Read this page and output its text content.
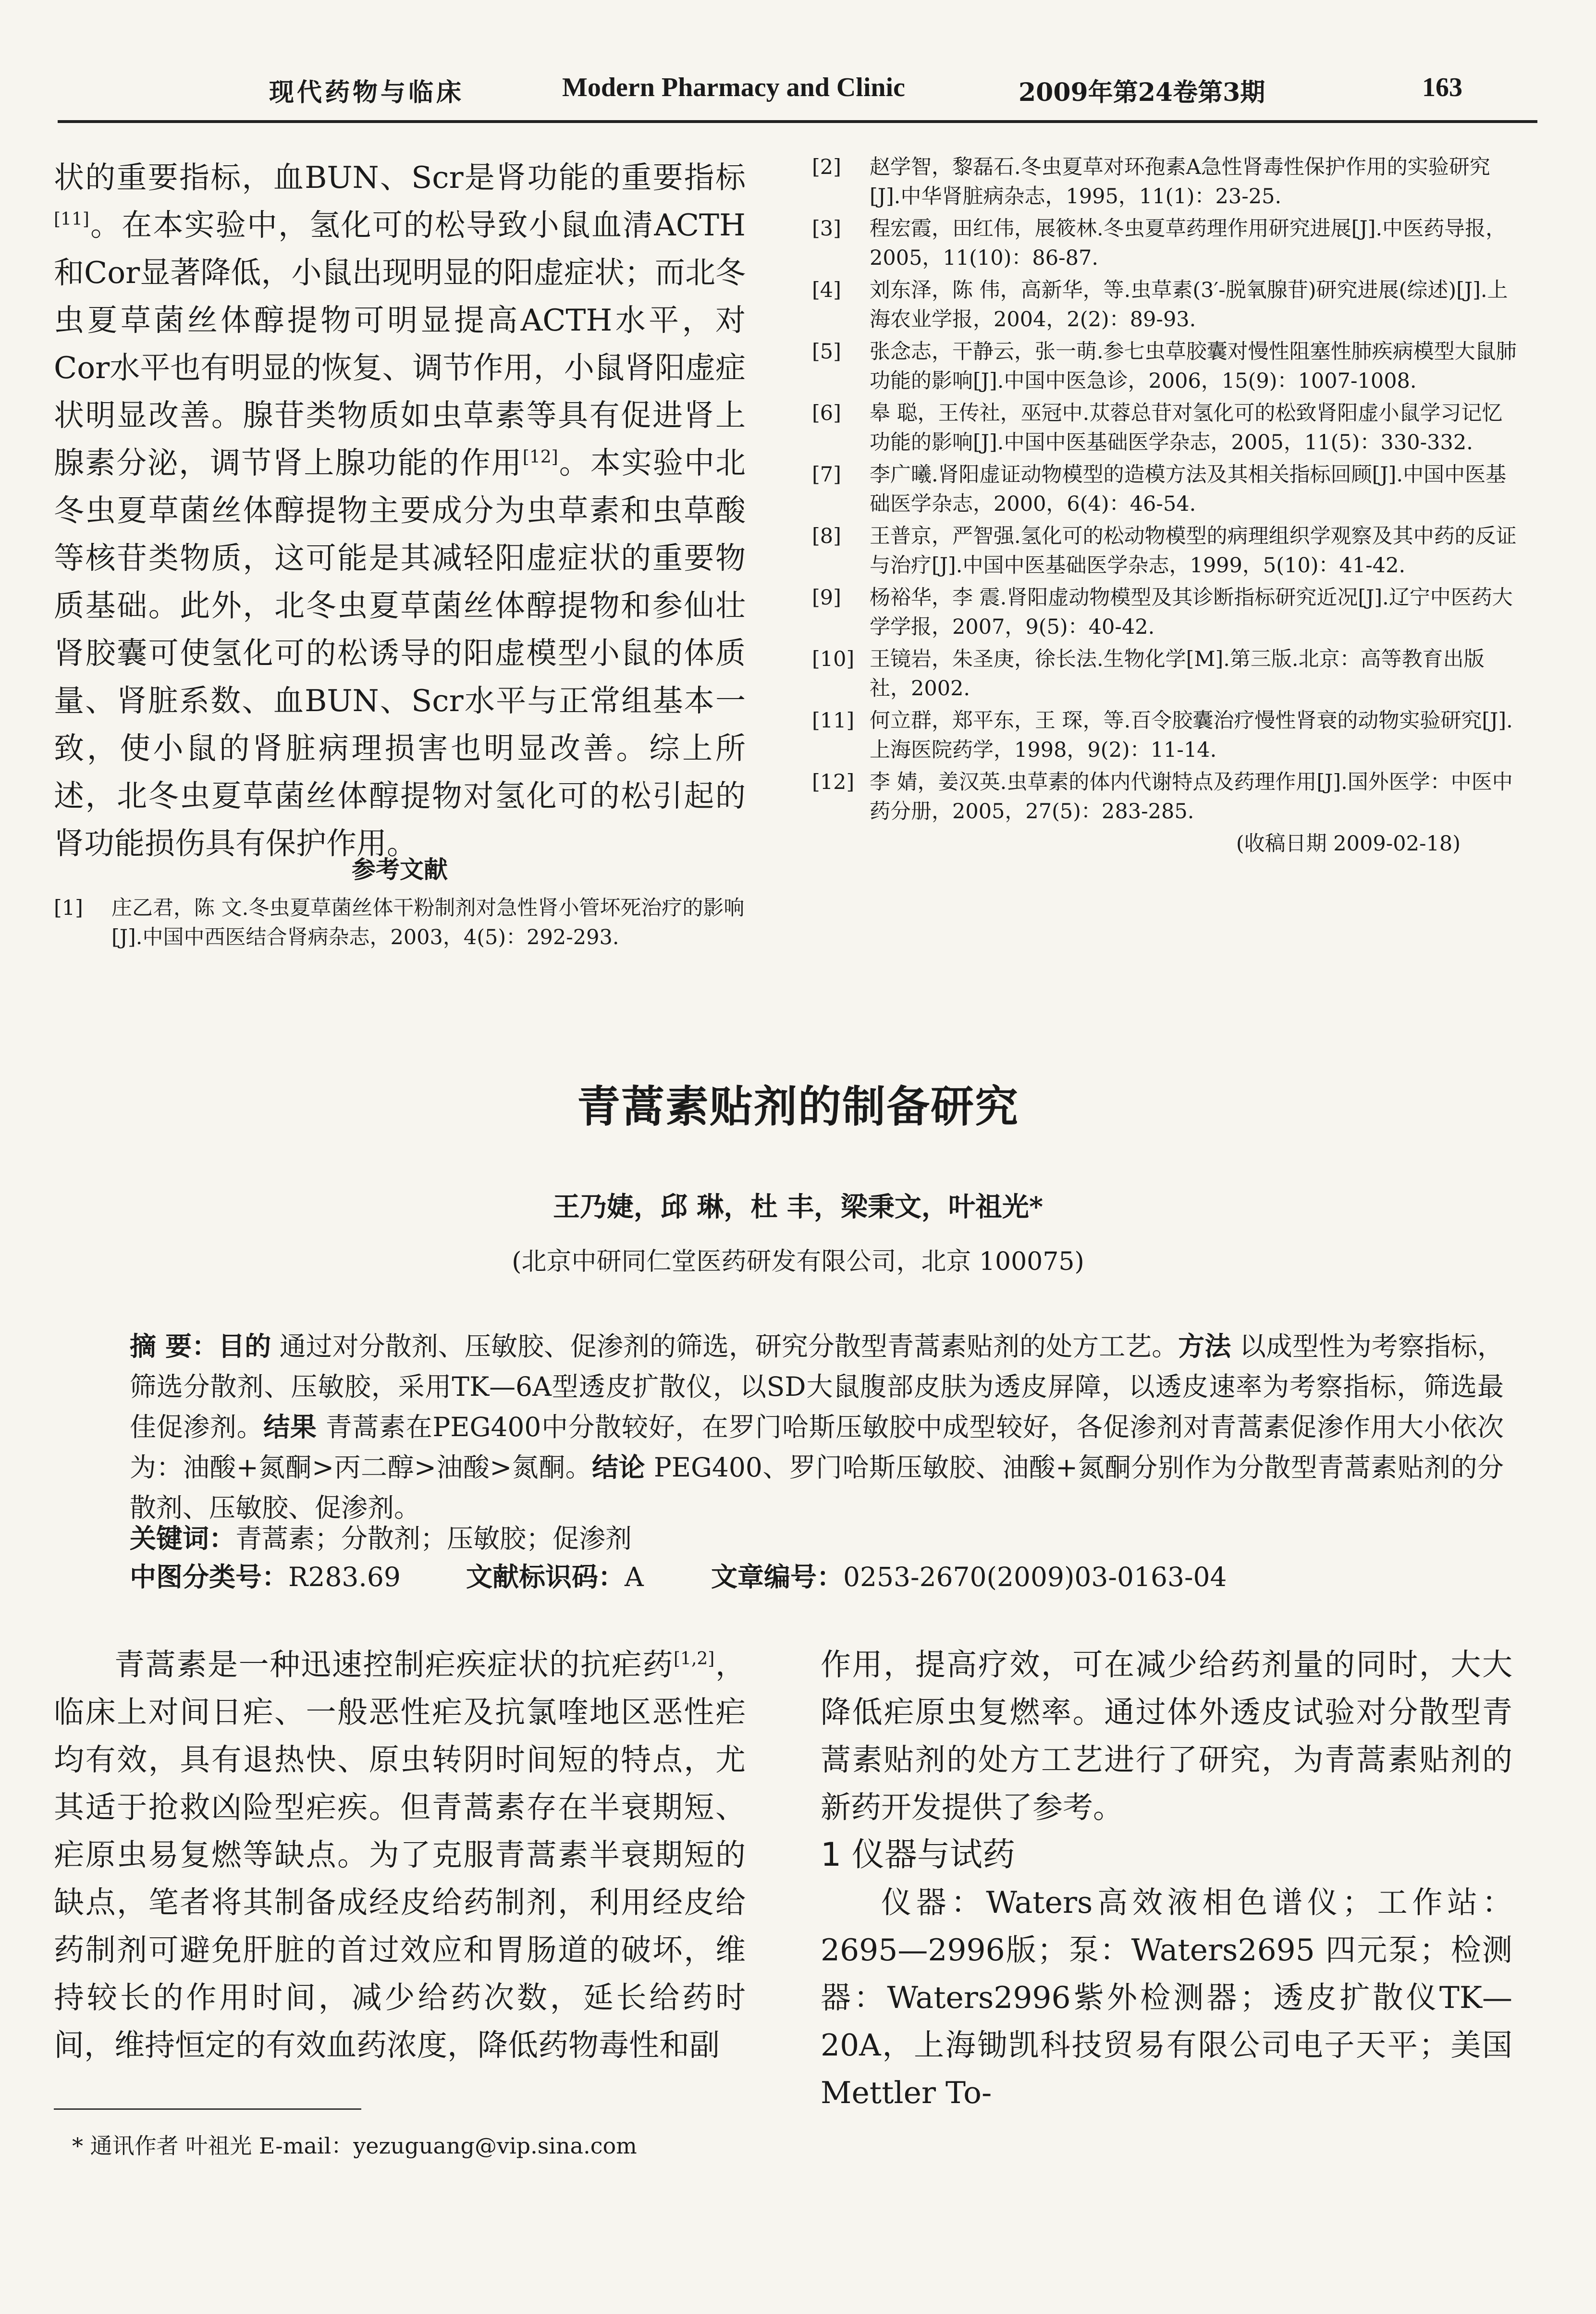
现代药物与临床	Modern Pharmacy and Clinic	2009年第24卷第3期	163

状的重要指标，血BUN、Scr是肾功能的重要指标[11]。在本实验中，氢化可的松导致小鼠血清ACTH和Cor显著降低，小鼠出现明显的阳虚症状；而北冬虫夏草菌丝体醇提物可明显提高ACTH水平，对Cor水平也有明显的恢复、调节作用，小鼠肾阳虚症状明显改善。腺苷类物质如虫草素等具有促进肾上腺素分泌，调节肾上腺功能的作用[12]。本实验中北冬虫夏草菌丝体醇提物主要成分为虫草素和虫草酸等核苷类物质，这可能是其减轻阳虚症状的重要物质基础。此外，北冬虫夏草菌丝体醇提物和参仙壮肾胶囊可使氢化可的松诱导的阳虚模型小鼠的体质量、肾脏系数、血BUN、Scr水平与正常组基本一致，使小鼠的肾脏病理损害也明显改善。综上所述，北冬虫夏草菌丝体醇提物对氢化可的松引起的肾功能损伤具有保护作用。

参考文献
[1] 庄乙君，陈 文.冬虫夏草菌丝体干粉制剂对急性肾小管坏死治疗的影响[J].中国中西医结合肾病杂志，2003，4(5)：292-293.
[2] 赵学智，黎磊石.冬虫夏草对环孢素A急性肾毒性保护作用的实验研究[J].中华肾脏病杂志，1995，11(1)：23-25.
[3] 程宏霞，田红伟，展筱林.冬虫夏草药理作用研究进展[J].中医药导报，2005，11(10)：86-87.
[4] 刘东泽，陈 伟，高新华，等.虫草素(3′-脱氧腺苷)研究进展(综述)[J].上海农业学报，2004，2(2)：89-93.
[5] 张念志，干静云，张一萌.参七虫草胶囊对慢性阻塞性肺疾病模型大鼠肺功能的影响[J].中国中医急诊，2006，15(9)：1007-1008.
[6] 皋 聪，王传社，巫冠中.苁蓉总苷对氢化可的松致肾阳虚小鼠学习记忆功能的影响[J].中国中医基础医学杂志，2005，11(5)：330-332.
[7] 李广曦.肾阳虚证动物模型的造模方法及其相关指标回顾[J].中国中医基础医学杂志，2000，6(4)：46-54.
[8] 王普京，严智强.氢化可的松动物模型的病理组织学观察及其中药的反证与治疗[J].中国中医基础医学杂志，1999，5(10)：41-42.
[9] 杨裕华，李 震.肾阳虚动物模型及其诊断指标研究近况[J].辽宁中医药大学学报，2007，9(5)：40-42.
[10] 王镜岩，朱圣庚，徐长法.生物化学[M].第三版.北京：高等教育出版社，2002.
[11] 何立群，郑平东，王 琛，等.百令胶囊治疗慢性肾衰的动物实验研究[J].上海医院药学，1998，9(2)：11-14.
[12] 李 婧，姜汉英.虫草素的体内代谢特点及药理作用[J].国外医学：中医中药分册，2005，27(5)：283-285.
(收稿日期 2009-02-18)
青蒿素贴剂的制备研究
王乃婕，邱 琳，杜 丰，梁秉文，叶祖光*
(北京中研同仁堂医药研发有限公司，北京 100075)

摘 要：目的 通过对分散剂、压敏胶、促渗剂的筛选，研究分散型青蒿素贴剂的处方工艺。方法 以成型性为考察指标，筛选分散剂、压敏胶，采用TK—6A型透皮扩散仪，以SD大鼠腹部皮肤为透皮屏障，以透皮速率为考察指标，筛选最佳促渗剂。结果 青蒿素在PEG400中分散较好，在罗门哈斯压敏胶中成型较好，各促渗剂对青蒿素促渗作用大小依次为：油酸+氮酮>丙二醇>油酸>氮酮。结论 PEG400、罗门哈斯压敏胶、油酸+氮酮分别作为分散型青蒿素贴剂的分散剂、压敏胶、促渗剂。

关键词：青蒿素；分散剂；压敏胶；促渗剂
中图分类号：R283.69 文献标识码：A	文章编号：0253-2670(2009)03-0163-04

青蒿素是一种迅速控制疟疾症状的抗疟药[1,2]，临床上对间日疟、一般恶性疟及抗氯喹地区恶性疟均有效，具有退热快、原虫转阴时间短的特点，尤其适于抢救凶险型疟疾。但青蒿素存在半衰期短、疟原虫易复燃等缺点。为了克服青蒿素半衰期短的缺点，笔者将其制备成经皮给药制剂，利用经皮给药制剂可避免肝脏的首过效应和胃肠道的破坏，维持较长的作用时间，减少给药次数，延长给药时间，维持恒定的有效血药浓度，降低药物毒性和副

作用，提高疗效，可在减少给药剂量的同时，大大降低疟原虫复燃率。通过体外透皮试验对分散型青蒿素贴剂的处方工艺进行了研究，为青蒿素贴剂的新药开发提供了参考。

1 仪器与试药

仪器：Waters高效液相色谱仪；工作站：2695—2996版；泵：Waters2695 四元泵；检测器：Waters2996紫外检测器；透皮扩散仪TK—20A，上海锄凯科技贸易有限公司电子天平；美国Mettler To-

* 通讯作者 叶祖光 E-mail：yezuguang@vip.sina.com
